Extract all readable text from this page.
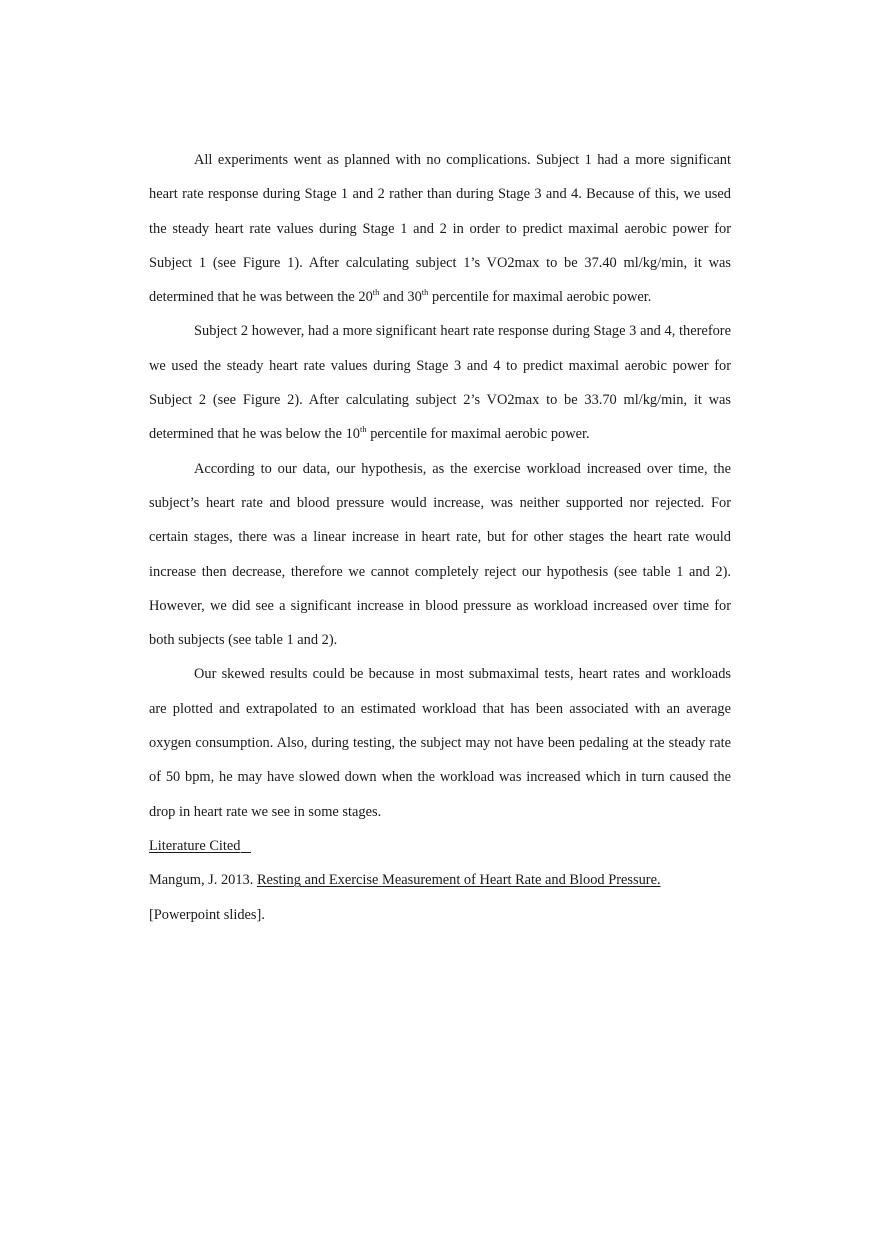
All experiments went as planned with no complications. Subject 1 had a more significant heart rate response during Stage 1 and 2 rather than during Stage 3 and 4. Because of this, we used the steady heart rate values during Stage 1 and 2 in order to predict maximal aerobic power for Subject 1 (see Figure 1). After calculating subject 1’s VO2max to be 37.40 ml/kg/min, it was determined that he was between the 20th and 30th percentile for maximal aerobic power.

Subject 2 however, had a more significant heart rate response during Stage 3 and 4, therefore we used the steady heart rate values during Stage 3 and 4 to predict maximal aerobic power for Subject 2 (see Figure 2). After calculating subject 2’s VO2max to be 33.70 ml/kg/min, it was determined that he was below the 10th percentile for maximal aerobic power.

According to our data, our hypothesis, as the exercise workload increased over time, the subject’s heart rate and blood pressure would increase, was neither supported nor rejected. For certain stages, there was a linear increase in heart rate, but for other stages the heart rate would increase then decrease, therefore we cannot completely reject our hypothesis (see table 1 and 2). However, we did see a significant increase in blood pressure as workload increased over time for both subjects (see table 1 and 2).

Our skewed results could be because in most submaximal tests, heart rates and workloads are plotted and extrapolated to an estimated workload that has been associated with an average oxygen consumption. Also, during testing, the subject may not have been pedaling at the steady rate of 50 bpm, he may have slowed down when the workload was increased which in turn caused the drop in heart rate we see in some stages.

Literature Cited

Mangum, J. 2013. Resting and Exercise Measurement of Heart Rate and Blood Pressure.

[Powerpoint slides].
